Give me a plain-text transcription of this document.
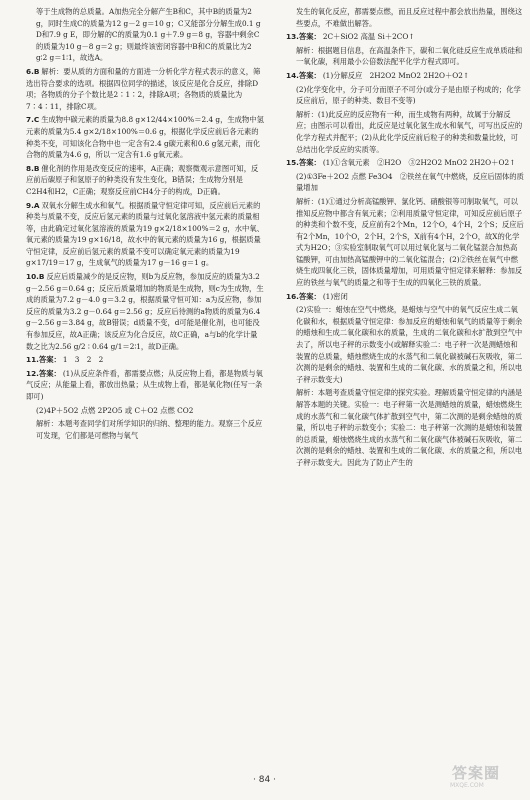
等于生成物的总质量。A加热完全分解产生B和C，其中B的质量为2 g，同时生成C的质量为12 g－2 g＝10 g；C又能部分分解生成0.1 g D和7.9 g E，即分解的C的质量为0.1 g＋7.9 g＝8 g，容器中剩余C的质量为10 g－8 g＝2 g；则最终该密闭容器中B和C的质量比为2 g∶2 g＝1∶1，故选A。
6.B 解析：要从质的方面和量的方面进一分析化学方程式表示的意义，筛选出符合要求的选项。根据四位同学的描述，该反应是化合反应，排除D项；各物质的分子个数比是2∶1∶2，排除A项；各物质的质量比为7∶4∶11，排除C项。
7.C 生成物中碳元素的质量为8.8 g×12/44×100%＝2.4 g，生成物中氢元素的质量为5.4 g×2/18×100%＝0.6 g，根据化学反应前后各元素的种类不变，可知该化合物中也一定含有2.4 g碳元素和0.6 g氢元素，而化合物的质量为4.6 g，所以一定含有1.6 g氧元素。
8.B 催化剂的作用是改变反应的速率，A正确；观察微观示意图可知，反应前后碳原子和氢原子的种类没有发生变化，B错误；生成物分别是C2H4和H2，C正确；观察反应前CH4分子的构成，D正确。
9.A 双氧水分解生成水和氧气。根据质量守恒定律可知，反应前后元素的种类与质量不变，反应后氢元素的质量与过氧化氢溶液中氢元素的质量相等，由此确定过氧化氢溶液的质量为19 g×2/18×100%＝2 g，水中氧、氧元素的质量为19 g×16/18，故水中的氧元素的质量为16 g，根据质量守恒定律，反应前后氢元素的质量不变可以确定氧元素的质量为19 g×17/19＝17 g，生成氧气的质量为17 g－16 g＝1 g。
10.B 反应后质量减少的是反应物，则b为反应物，参加反应的质量为3.2 g－2.56 g＝0.64 g；反应后质量增加的物质是生成物，则c为生成物，生成的质量为7.2 g－4.0 g＝3.2 g，根据质量守恒可知：a为反应物，参加反应的质量为3.2 g－0.64 g＝2.56 g；反应后待测的a物质的质量为6.4 g－2.56 g＝3.84 g，故B错误；d质量不变，d可能是催化剂，也可能没有参加反应，故A正确；该反应为化合反应，故C正确，a与b的化学计量数之比为2.56 g/2 ∶ 0.64 g/1＝2∶1，故D正确。
11.答案： 1　3　2　2
12.答案： (1)从反应条件看，都需要点燃；从反应物上看，都是物质与氧气反应；从能量上看，都放出热量；从生成物上看，都是氧化物(任写一条即可)
(2)4P＋5O2 点燃 2P2O5 或 C＋O2 点燃 CO2
解析：本题考查同学们对所学知识的归纳、整理的能力。观察三个反应可发现，它们都是可燃物与氧气
发生的氧化反应，都需要点燃，而且反应过程中都会放出热量，围绕这些要点，不难做出解答。
13.答案： 2C＋SiO2 高温 Si＋2CO↑
解析：根据题目信息，在高温条件下，碳和二氧化硅反应生成单质硅和一氧化碳，利用最小公倍数法配平化学方程式即可。
14.答案： (1)分解反应　2H2O2 MnO2 2H2O＋O2↑
(2)化学变化中，分子可分而原子不可分(或分子是由原子构成的；化学反应前后，原子的种类、数目不变等)
解析：(1)此反应的反应物有一种，而生成物有两种，故属于分解反应；由图示可以看出，此反应是过氧化氢生成水和氧气，可写出反应的化学方程式并配平；(2)从此化学反应前后粒子的种类和数量比较，可总结出化学反应的实质等。
15.答案： (1)①含氧元素　②H2O　③2H2O2 MnO2 2H2O＋O2↑
(2)①3Fe＋2O2 点燃 Fe3O4　②铁丝在氧气中燃烧，反应后固体的质量增加
解析：(1)①通过分析高锰酸钾、氯化钙、硝酸银等可制取氧气，可以推知反应物中都含有氧元素；②利用质量守恒定律，可知反应前后原子的种类和个数不变，反应前有2个Mn，12个O，4个H，2个S；反应后有2个Mn，10个O，2个H，2个S，X前有4个H，2个O，故X的化学式为H2O；③实验室制取氧气可以用过氧化氢与二氧化锰混合加热高锰酸钾，可由加热高锰酸钾中的二氧化锰混合；(2)②铁丝在氧气中燃烧生成四氧化三铁，固体质量增加，可用质量守恒定律来解释：参加反应的铁丝与氧气的质量之和等于生成的四氧化三铁的质量。
16.答案： (1)密闭
(2)实验一：蜡烛在空气中燃烧，是蜡烛与空气中的氧气反应生成二氧化碳和水，根据质量守恒定律：参加反应的蜡烛和氧气的质量等于剩余的蜡烛和生成二氧化碳和水的质量，生成的二氧化碳和水扩散到空气中去了，所以电子秤的示数变小(或解释实验二：电子秤一次是测蜡烛和装置的总质量，蜡烛燃烧生成的水蒸气和二氧化碳被碱石灰吸收，第二次测的是剩余的蜡烛、装置和生成的二氧化碳、水的质量之和，所以电子秤示数变大)
解析：本题考查质量守恒定律的探究实验。理解质量守恒定律的内涵是解答本题的关键。实验一：电子秤第一次是测蜡烛的质量，蜡烛燃烧生成的水蒸气和二氧化碳气体扩散到空气中，第二次测的是剩余蜡烛的质量，所以电子秤的示数变小；实验二：电子秤第一次测的是蜡烛和装置的总质量，蜡烛燃烧生成的水蒸气和二氧化碳气体被碱石灰吸收，第二次测的是剩余的蜡烛、装置和生成的二氧化碳、水的质量之和，所以电子秤示数变大。因此为了防止产生的
· 84 ·	答案圈
MXQE.COM
